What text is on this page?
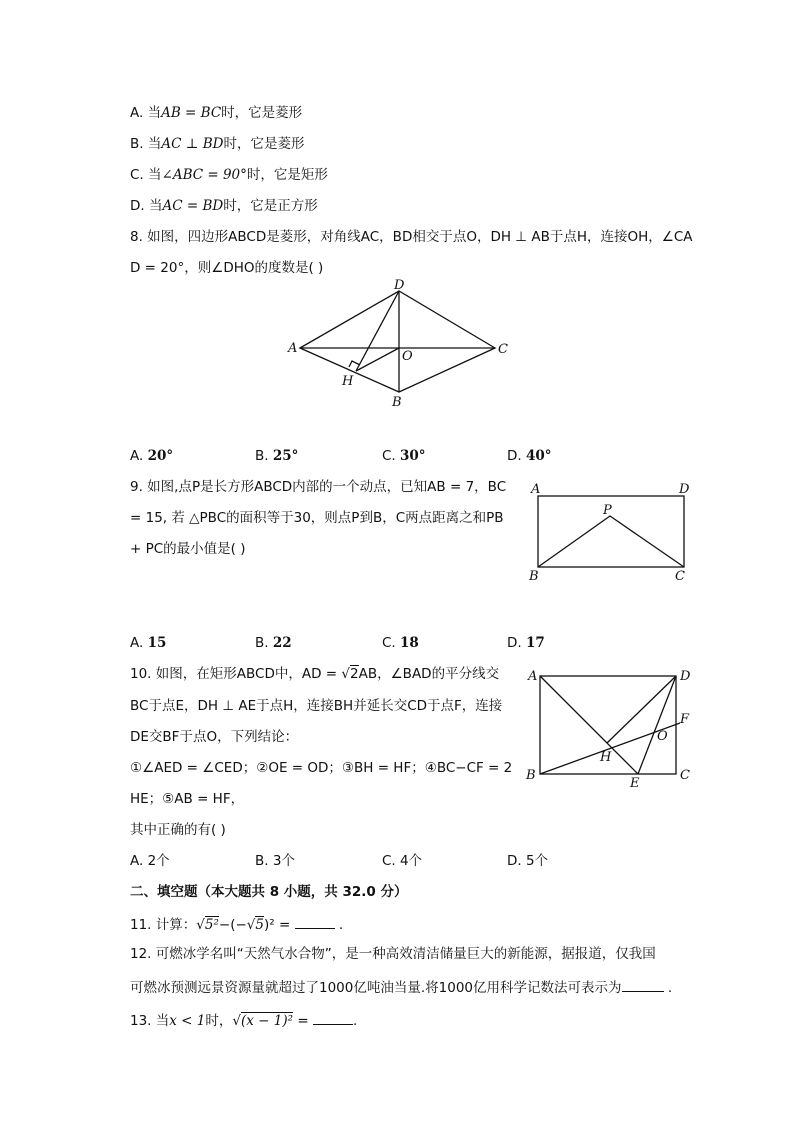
A. 当AB = BC时，它是菱形
B. 当AC ⊥ BD时，它是菱形
C. 当∠ABC = 90°时，它是矩形
D. 当AC = BD时，它是正方形
8. 如图，四边形ABCD是菱形，对角线AC，BD相交于点O，DH ⊥ AB于点H，连接OH，∠CA
D = 20°，则∠DHO的度数是( )
D
A
O	C
H
B
A. 20°	B. 25°	C. 30°	D. 40°
9. 如图,点P是长方形ABCD内部的一个动点，已知AB = 7，BC
= 15, 若 △PBC的面积等于30，则点P到B，C两点距离之和PB
+ PC的最小值是( )
A	D
P
B	C
A. 15	B. 22	C. 18	D. 17
10. 如图，在矩形ABCD中，AD = √2AB，∠BAD的平分线交
BC于点E，DH ⊥ AE于点H，连接BH并延长交CD于点F，连接
DE交BF于点O，下列结论：
①∠AED = ∠CED；②OE = OD；③BH = HF；④BC−CF = 2
HE；⑤AB = HF，
其中正确的有( )
A	D
F
O
H
B	C
E
A. 2个	B. 3个	C. 4个	D. 5个
二、填空题（本大题共 8 小题，共 32.0 分）
11. 计算：√5²−(−√5)² =	.
12. 可燃冰学名叫“天然气水合物”，是一种高效清洁储量巨大的新能源，据报道，仅我国
可燃冰预测远景资源量就超过了1000亿吨油当量.将1000亿用科学记数法可表示为	.
13. 当x < 1时，√(x − 1)² =	.
